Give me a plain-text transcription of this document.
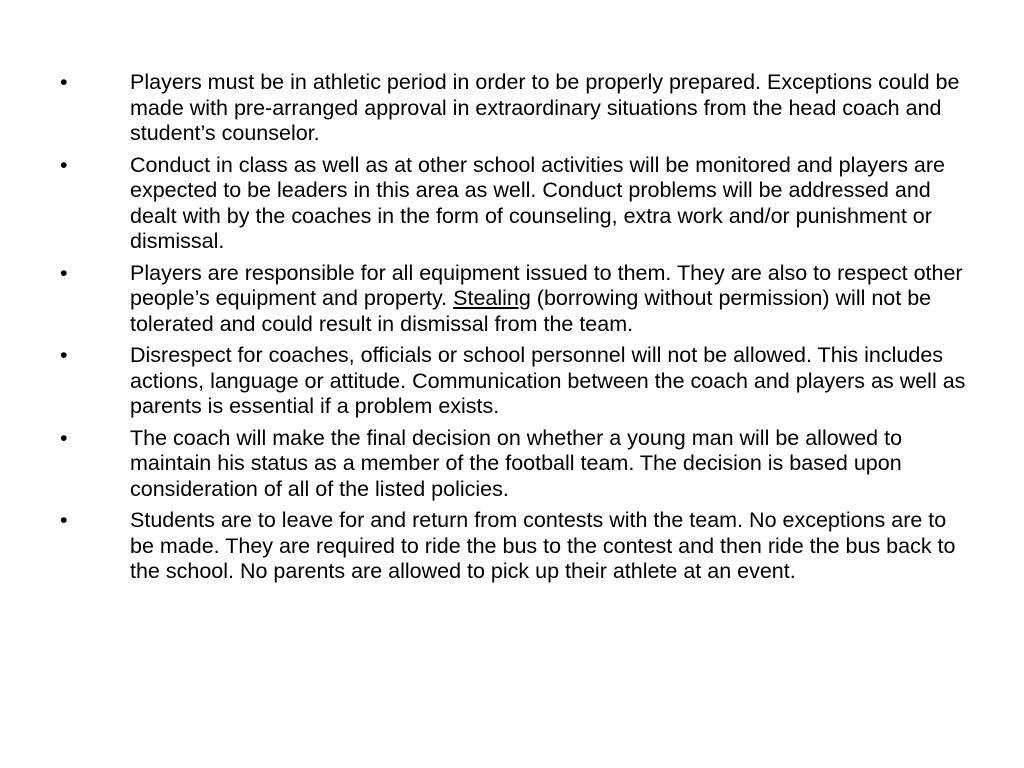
•	Players must be in athletic period in order to be properly prepared. Exceptions could be made with pre-arranged approval in extraordinary situations from the head coach and student’s counselor.
•	Conduct in class as well as at other school activities will be monitored and players are expected to be leaders in this area as well. Conduct problems will be addressed and dealt with by the coaches in the form of counseling, extra work and/or punishment or dismissal.
•	Players are responsible for all equipment issued to them. They are also to respect other people’s equipment and property. Stealing (borrowing without permission) will not be tolerated and could result in dismissal from the team.
•	Disrespect for coaches, officials or school personnel will not be allowed. This includes actions, language or attitude. Communication between the coach and players as well as parents is essential if a problem exists.
•	The coach will make the final decision on whether a young man will be allowed to maintain his status as a member of the football team. The decision is based upon consideration of all of the listed policies.
•	Students are to leave for and return from contests with the team. No exceptions are to be made. They are required to ride the bus to the contest and then ride the bus back to the school. No parents are allowed to pick up their athlete at an event.
